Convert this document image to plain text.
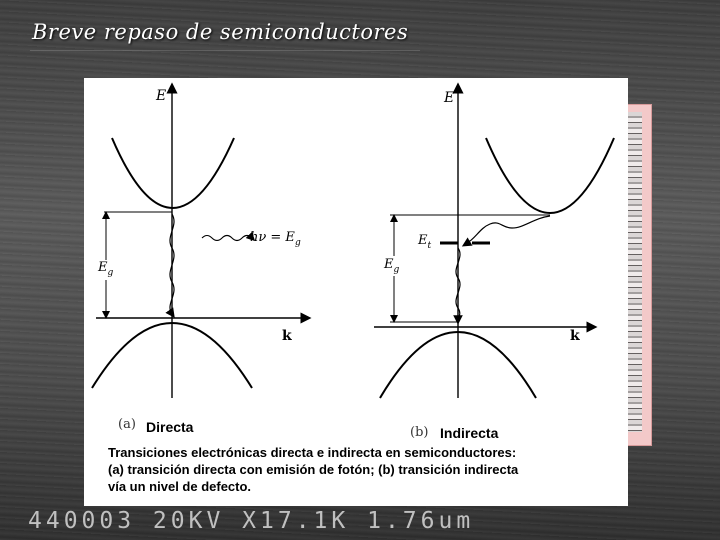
Breve repaso de semiconductores
E
k
$E_g$
$h\nu = E_g$
E
k
$E_g$
$E_t$
(a) Directa	(b) Indirecta
Transiciones electrónicas directa e indirecta en semiconductores:
(a) transición directa con emisión de fotón; (b) transición indirecta
vía un nivel de defecto.
440003 20KV X17.1K 1.76um
